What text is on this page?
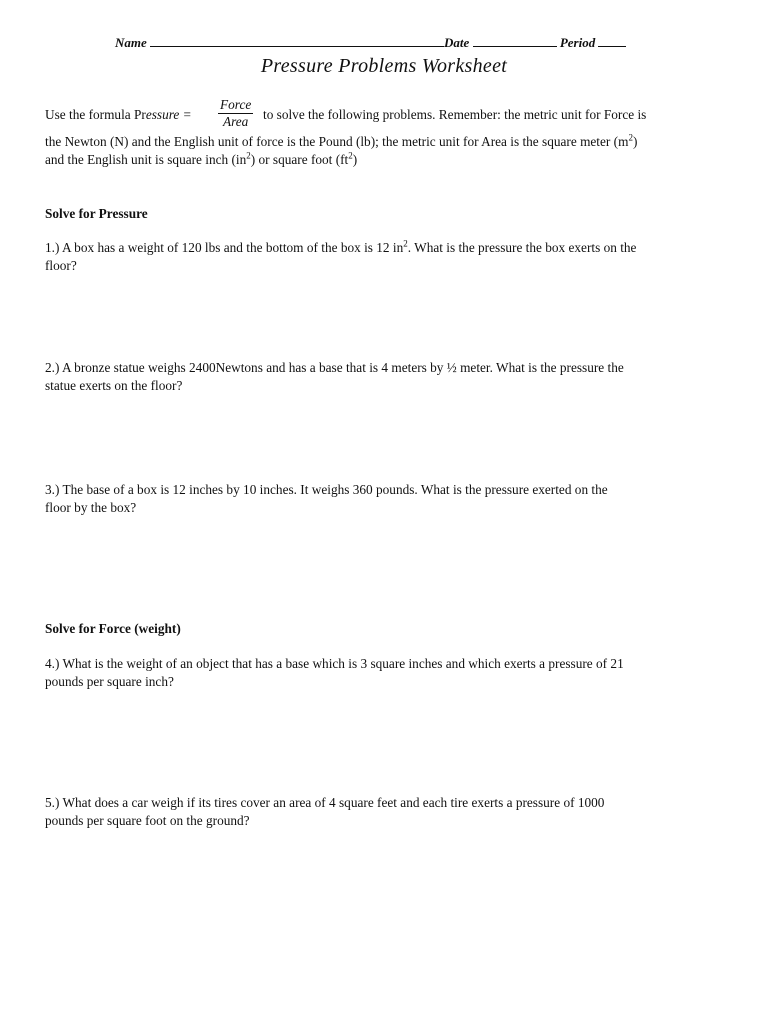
Name	Date	Period
Pressure Problems Worksheet
Use the formula Pressure =
Force
Area	to solve the following problems. Remember: the metric unit for Force is
the Newton (N) and the English unit of force is the Pound (lb); the metric unit for Area is the square meter $(m^2)$
and the English unit is square inch $(in^2)$ or square foot $(ft^2)$
Solve for Pressure
1.) A box has a weight of 120 lbs and the bottom of the box is 12 $in^2$. What is the pressure the box exerts on the
floor?
2.) A bronze statue weighs 2400Newtons and has a base that is 4 meters by ½ meter. What is the pressure the
statue exerts on the floor?
3.) The base of a box is 12 inches by 10 inches. It weighs 360 pounds. What is the pressure exerted on the
floor by the box?
Solve for Force (weight)
4.) What is the weight of an object that has a base which is 3 square inches and which exerts a pressure of 21
pounds per square inch?
5.) What does a car weigh if its tires cover an area of 4 square feet and each tire exerts a pressure of 1000
pounds per square foot on the ground?
